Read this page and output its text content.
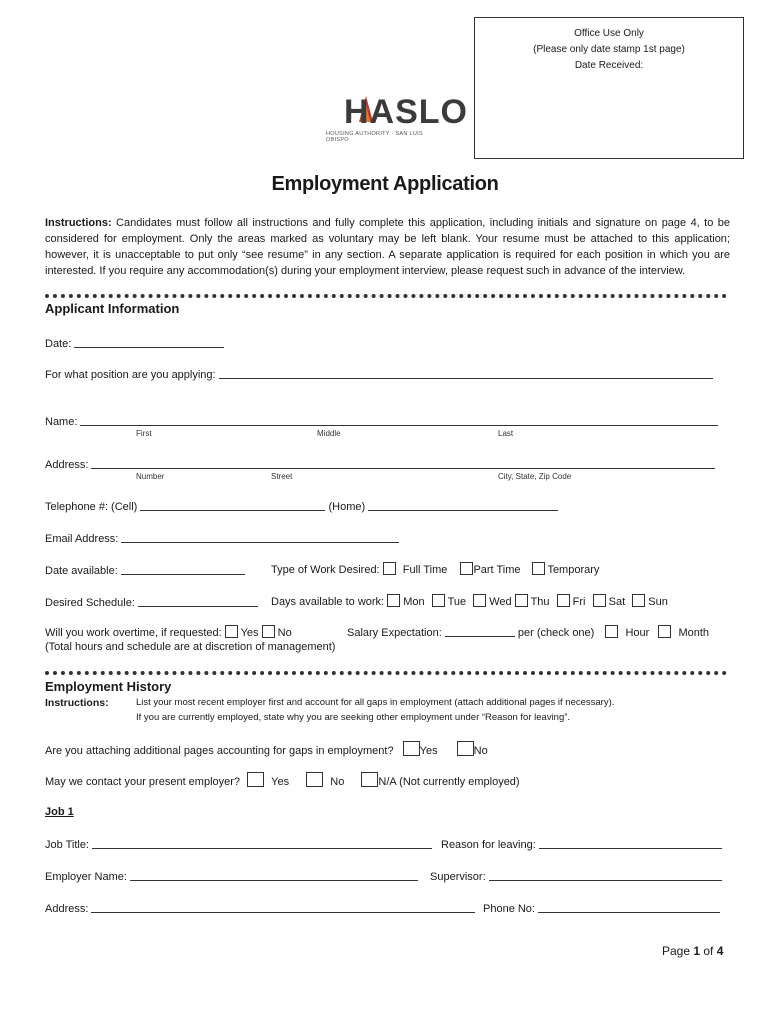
Office Use Only
(Please only date stamp 1st page)
Date Received:
HASLO
HOUSING AUTHORITY · SAN LUIS OBISPO
Employment Application
Instructions: Candidates must follow all instructions and fully complete this application, including initials and signature on page 4, to be considered for employment. Only the areas marked as voluntary may be left blank. Your resume must be attached to this application; however, it is unacceptable to put only “see resume” in any section. A separate application is required for each position in which you are interested. If you require any accommodation(s) during your employment interview, please request such in advance of the interview.
Applicant Information
Date:
For what position are you applying:
Name:
First	Middle	Last
Address:
Number	Street	City, State, Zip Code
Telephone #: (Cell)	(Home)
Email Address:
Date available:	Type of Work Desired: Full Time Part Time Temporary
Desired Schedule:	Days available to work: Mon Tue Wed Thu Fri Sat Sun
Will you work overtime, if requested: Yes No	Salary Expectation:	per (check one)	Hour	Month
(Total hours and schedule are at discretion of management)
Employment History
Instructions:	List your most recent employer first and account for all gaps in employment (attach additional pages if necessary).
If you are currently employed, state why you are seeking other employment under “Reason for leaving”.
Are you attaching additional pages accounting for gaps in employment? Yes	No
May we contact your present employer?	Yes	No	N/A (Not currently employed)
Job 1
Job Title:	Reason for leaving:
Employer Name:	Supervisor:
Address:	Phone No:
Page 1 of 4
